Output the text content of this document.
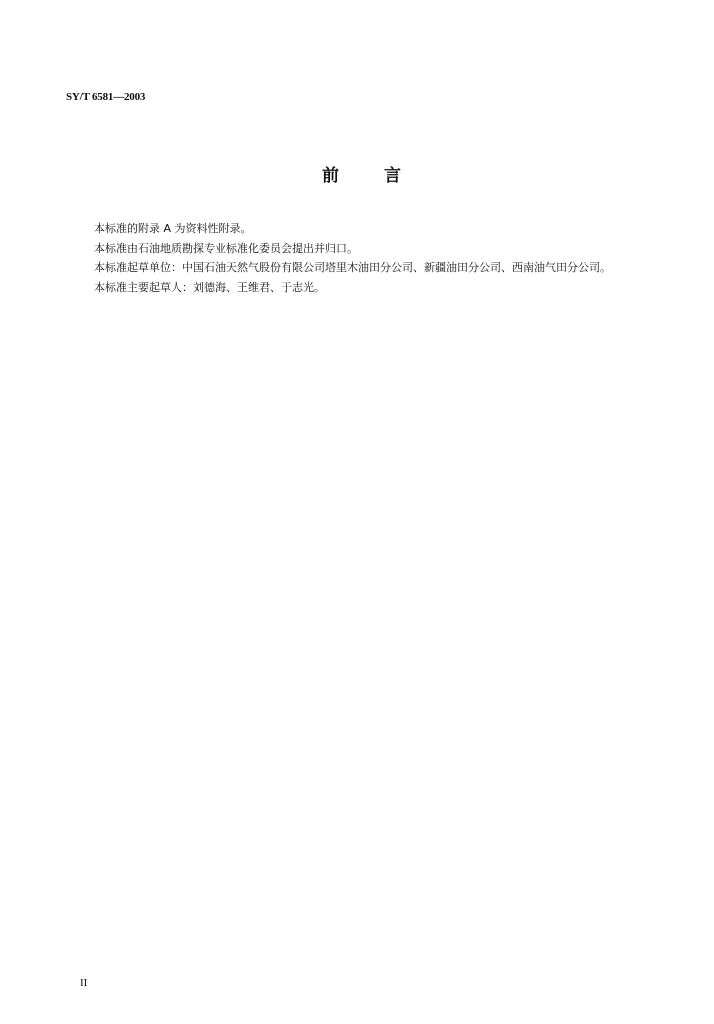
SY/T 6581—2003
前言

本标准的附录 A 为资料性附录。

本标准由石油地质勘探专业标准化委员会提出并归口。

本标准起草单位：中国石油天然气股份有限公司塔里木油田分公司、新疆油田分公司、西南油气田分公司。

本标准主要起草人：刘德海、王维君、于志光。

II
